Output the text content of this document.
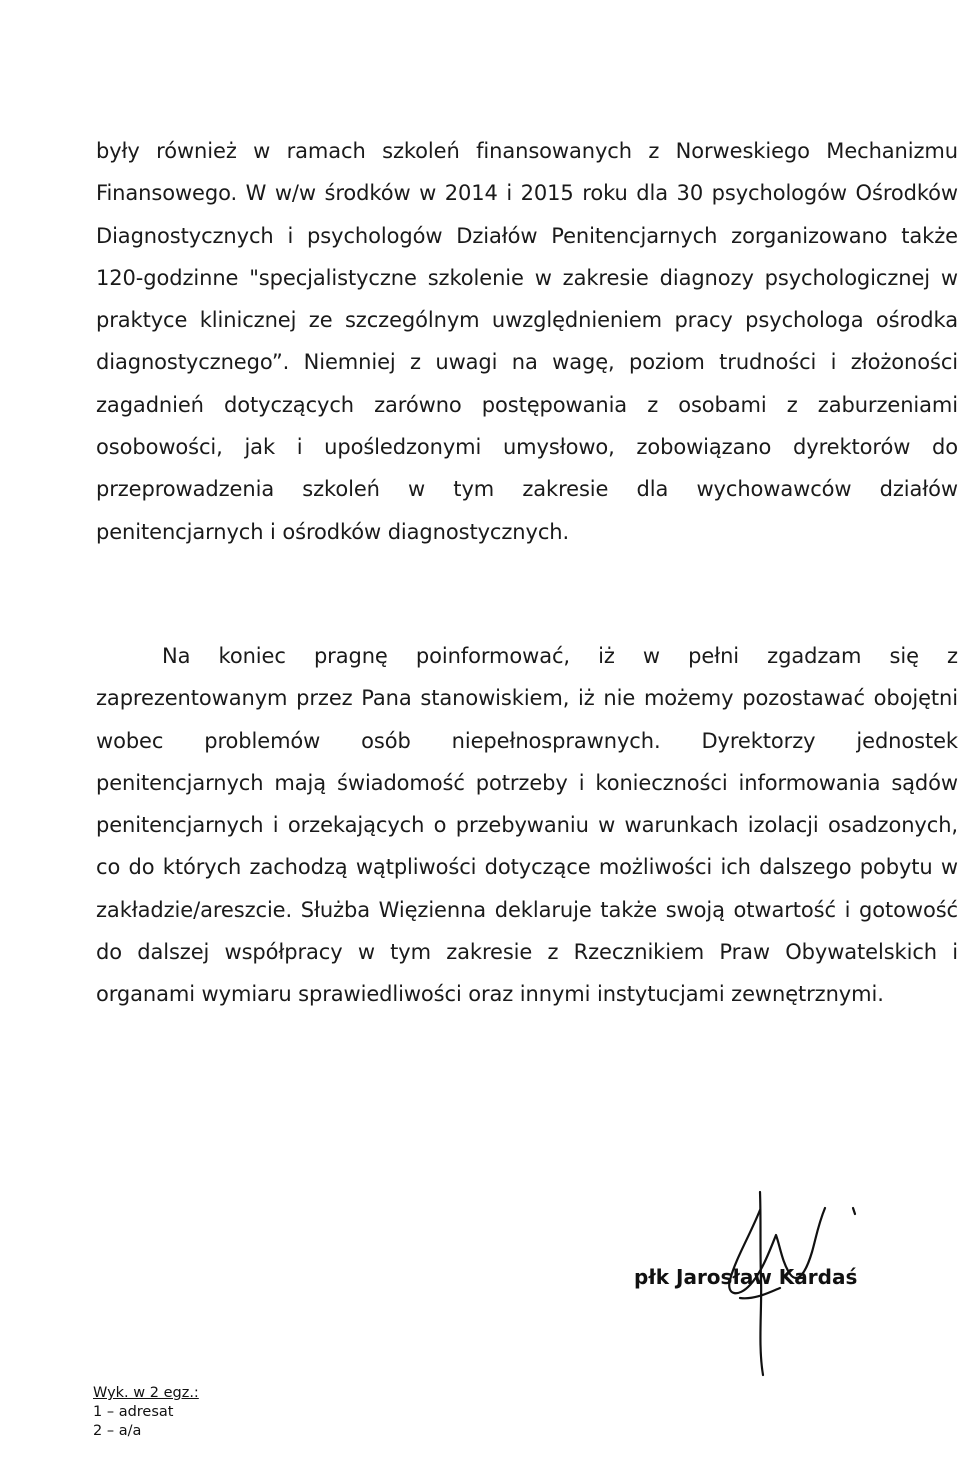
były również w ramach szkoleń finansowanych z Norweskiego Mechanizmu Finansowego. W w/w środków w 2014 i 2015 roku dla 30 psychologów Ośrodków Diagnostycznych i psychologów Działów Penitencjarnych zorganizowano także 120-godzinne "specjalistyczne szkolenie w zakresie diagnozy psychologicznej w praktyce klinicznej ze szczególnym uwzględnieniem pracy psychologa ośrodka diagnostycznego”. Niemniej z uwagi na wagę, poziom trudności i złożoności zagadnień dotyczących zarówno postępowania z osobami z zaburzeniami osobowości, jak i upośledzonymi umysłowo, zobowiązano dyrektorów do przeprowadzenia szkoleń w tym zakresie dla wychowawców działów penitencjarnych i ośrodków diagnostycznych.

Na koniec pragnę poinformować, iż w pełni zgadzam się z zaprezentowanym przez Pana stanowiskiem, iż nie możemy pozostawać obojętni wobec problemów osób niepełnosprawnych. Dyrektorzy jednostek penitencjarnych mają świadomość potrzeby i konieczności informowania sądów penitencjarnych i orzekających o przebywaniu w warunkach izolacji osadzonych, co do których zachodzą wątpliwości dotyczące możliwości ich dalszego pobytu w zakładzie/areszcie. Służba Więzienna deklaruje także swoją otwartość i gotowość do dalszej współpracy w tym zakresie z Rzecznikiem Praw Obywatelskich i organami wymiaru sprawiedliwości oraz innymi instytucjami zewnętrznymi.

płk Jarosław Kardaś
Wyk. w 2 egz.:
1 – adresat
2 – a/a
